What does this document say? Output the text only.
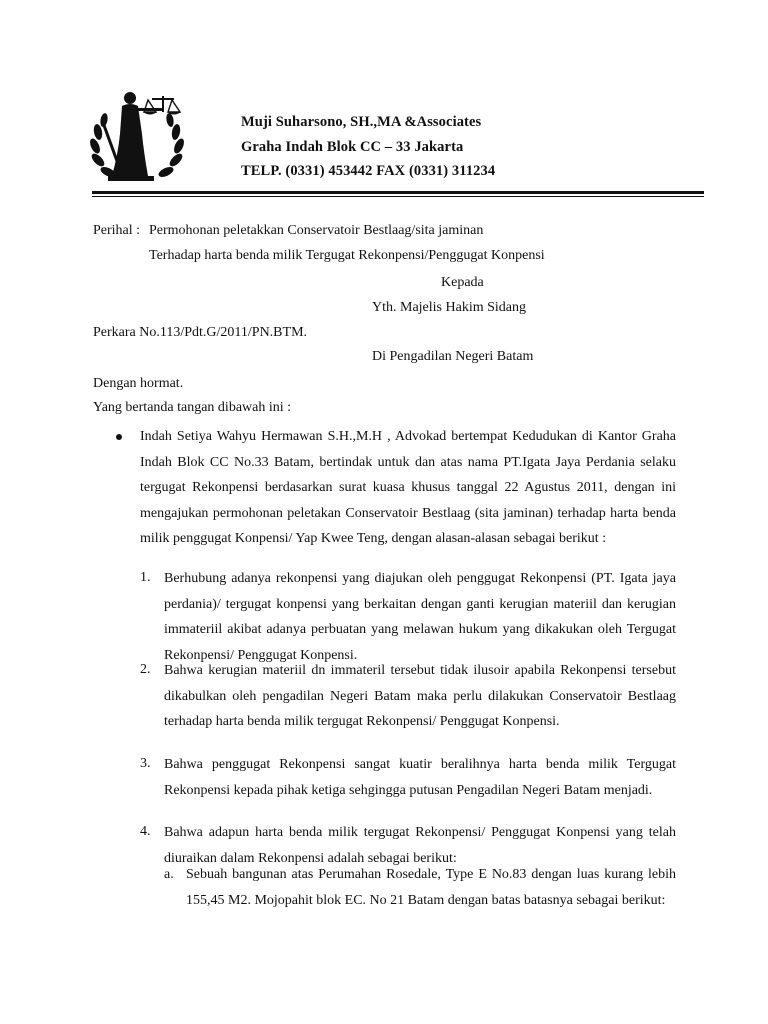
Muji Suharsono, SH.,MA &Associates
Graha Indah Blok CC – 33 Jakarta
TELP. (0331) 453442 FAX (0331) 311234
Perihal : Permohonan peletakkan Conservatoir Bestlaag/sita jaminan
Terhadap harta benda milik Tergugat Rekonpensi/Penggugat Konpensi
Kepada
Yth. Majelis Hakim Sidang
Perkara No.113/Pdt.G/2011/PN.BTM.
Di Pengadilan Negeri Batam
Dengan hormat.
Yang bertanda tangan dibawah ini :
Indah Setiya Wahyu Hermawan S.H.,M.H , Advokad bertempat Kedudukan di Kantor Graha Indah Blok CC No.33 Batam, bertindak untuk dan atas nama PT.Igata Jaya Perdania selaku tergugat Rekonpensi berdasarkan surat kuasa khusus tanggal 22 Agustus 2011, dengan ini mengajukan permohonan peletakan Conservatoir Bestlaag (sita jaminan) terhadap harta benda milik penggugat Konpensi/ Yap Kwee Teng, dengan alasan-alasan sebagai berikut :
1. Berhubung adanya rekonpensi yang diajukan oleh penggugat Rekonpensi (PT. Igata jaya perdania)/ tergugat konpensi yang berkaitan dengan ganti kerugian materiil dan kerugian immateriil akibat adanya perbuatan yang melawan hukum yang dikakukan oleh Tergugat Rekonpensi/ Penggugat Konpensi.
2. Bahwa kerugian materiil dn immateril tersebut tidak ilusoir apabila Rekonpensi tersebut dikabulkan oleh pengadilan Negeri Batam maka perlu dilakukan Conservatoir Bestlaag terhadap harta benda milik tergugat Rekonpensi/ Penggugat Konpensi.
3. Bahwa penggugat Rekonpensi sangat kuatir beralihnya harta benda milik Tergugat Rekonpensi kepada pihak ketiga sehgingga putusan Pengadilan Negeri Batam menjadi.
4. Bahwa adapun harta benda milik tergugat Rekonpensi/ Penggugat Konpensi yang telah diuraikan dalam Rekonpensi adalah sebagai berikut:
a. Sebuah bangunan atas Perumahan Rosedale, Type E No.83 dengan luas kurang lebih 155,45 M2. Mojopahit blok EC. No 21 Batam dengan batas batasnya sebagai berikut:
